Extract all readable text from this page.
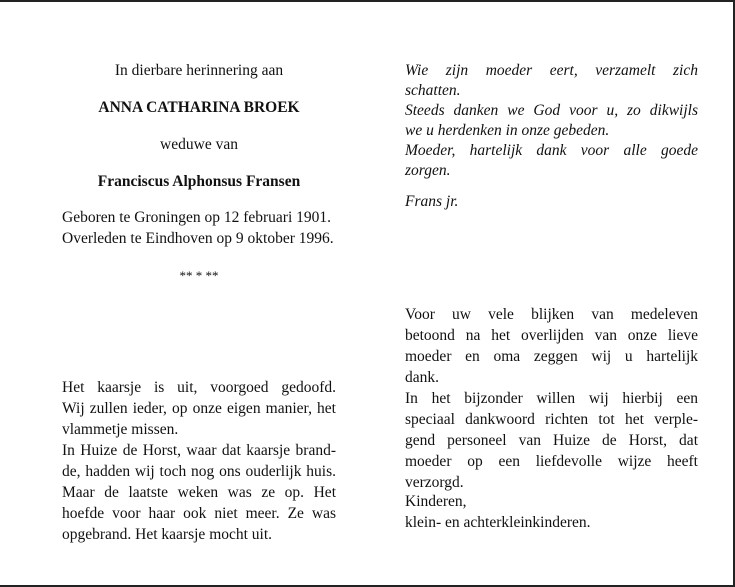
In dierbare herinnering aan
ANNA CATHARINA BROEK
weduwe van
Franciscus Alphonsus Fransen
Geboren te Groningen op 12 februari 1901.
Overleden te Eindhoven op 9 oktober 1996.
** * **
Het kaarsje is uit, voorgoed gedoofd.
Wij zullen ieder, op onze eigen manier, het
vlammetje missen.
In Huize de Horst, waar dat kaarsje brand-
de, hadden wij toch nog ons ouderlijk huis.
Maar de laatste weken was ze op. Het
hoefde voor haar ook niet meer. Ze was
opgebrand. Het kaarsje mocht uit.
Wie zijn moeder eert, verzamelt zich
schatten.
Steeds danken we God voor u, zo dikwijls
we u herdenken in onze gebeden.
Moeder, hartelijk dank voor alle goede
zorgen.
Frans jr.
Voor uw vele blijken van medeleven
betoond na het overlijden van onze lieve
moeder en oma zeggen wij u hartelijk
dank.
In het bijzonder willen wij hierbij een
speciaal dankwoord richten tot het verple-
gend personeel van Huize de Horst, dat
moeder op een liefdevolle wijze heeft
verzorgd.
Kinderen,
klein- en achterkleinkinderen.
